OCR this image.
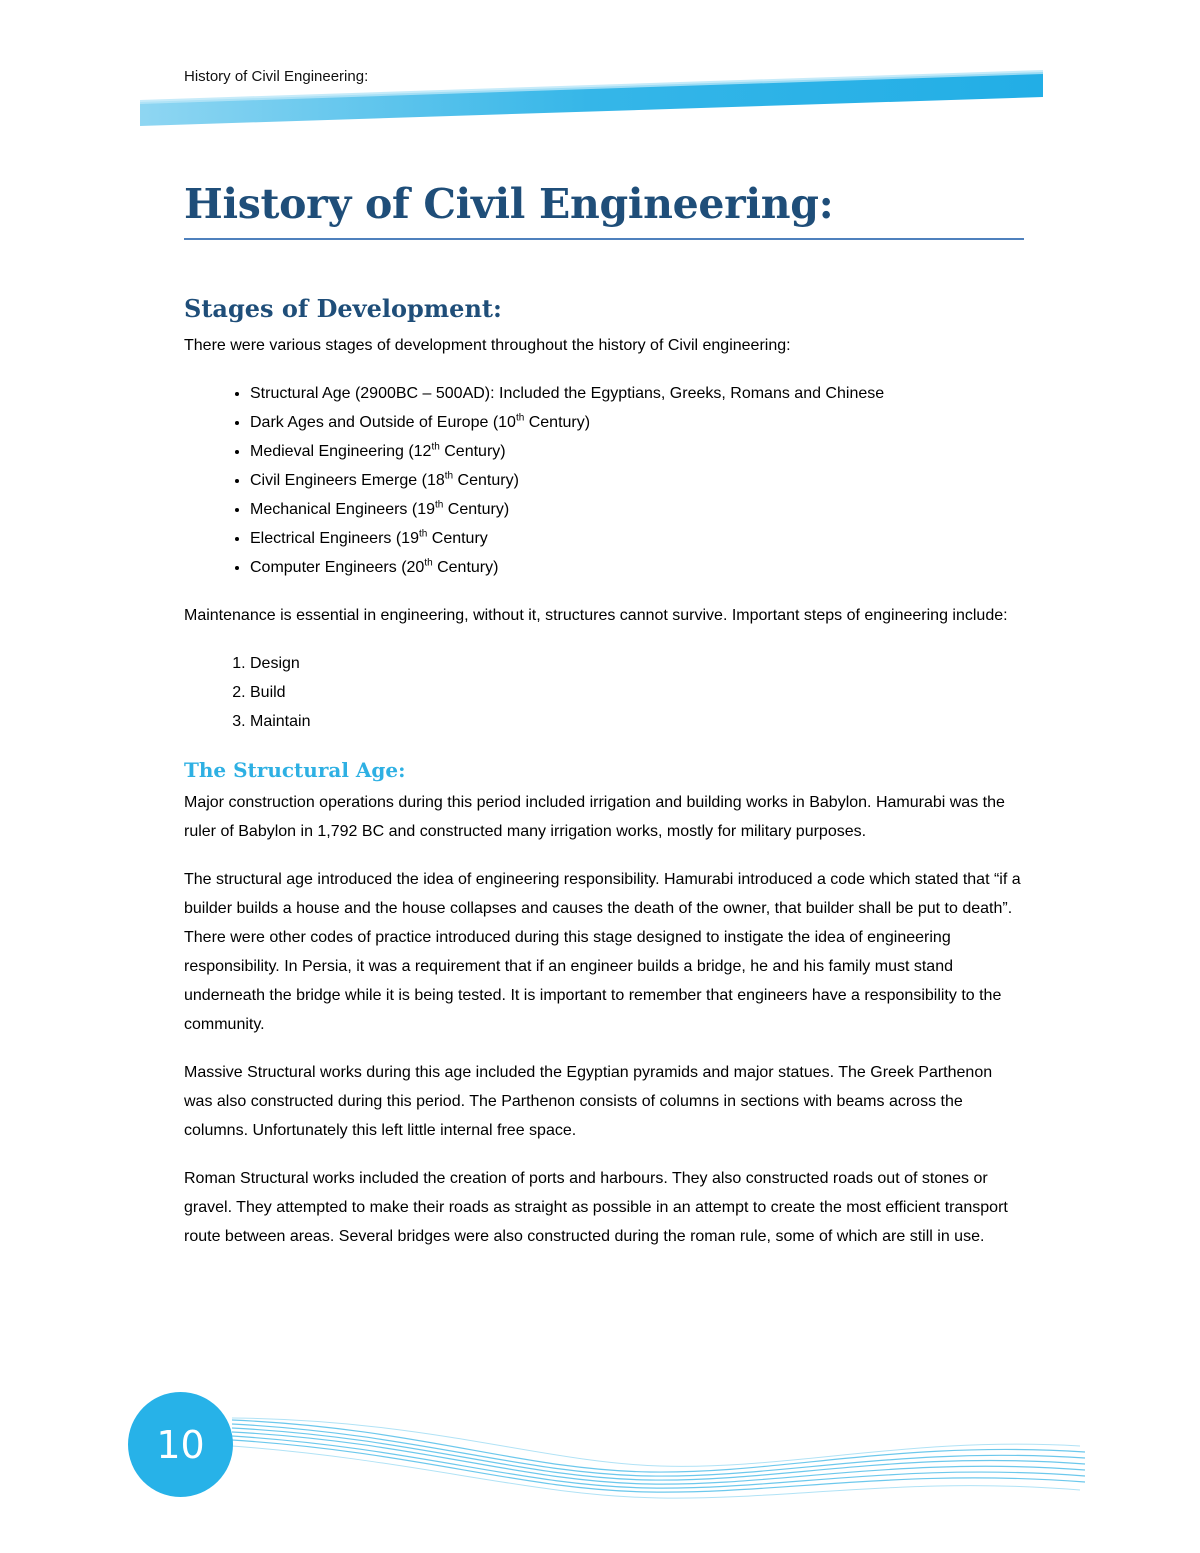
History of Civil Engineering:
History of Civil Engineering:
Stages of Development:

There were various stages of development throughout the history of Civil engineering:

• Structural Age (2900BC – 500AD): Included the Egyptians, Greeks, Romans and Chinese
• Dark Ages and Outside of Europe (10th Century)
• Medieval Engineering (12th Century)
• Civil Engineers Emerge (18th Century)
• Mechanical Engineers (19th Century)
• Electrical Engineers (19th Century
• Computer Engineers (20th Century)

Maintenance is essential in engineering, without it, structures cannot survive. Important steps of engineering include:

1. Design
2. Build
3. Maintain
The Structural Age:

Major construction operations during this period included irrigation and building works in Babylon. Hamurabi was the ruler of Babylon in 1,792 BC and constructed many irrigation works, mostly for military purposes.

The structural age introduced the idea of engineering responsibility. Hamurabi introduced a code which stated that “if a builder builds a house and the house collapses and causes the death of the owner, that builder shall be put to death”. There were other codes of practice introduced during this stage designed to instigate the idea of engineering responsibility. In Persia, it was a requirement that if an engineer builds a bridge, he and his family must stand underneath the bridge while it is being tested. It is important to remember that engineers have a responsibility to the community.

Massive Structural works during this age included the Egyptian pyramids and major statues. The Greek Parthenon was also constructed during this period. The Parthenon consists of columns in sections with beams across the columns. Unfortunately this left little internal free space.

Roman Structural works included the creation of ports and harbours. They also constructed roads out of stones or gravel. They attempted to make their roads as straight as possible in an attempt to create the most efficient transport route between areas. Several bridges were also constructed during the roman rule, some of which are still in use.

10
